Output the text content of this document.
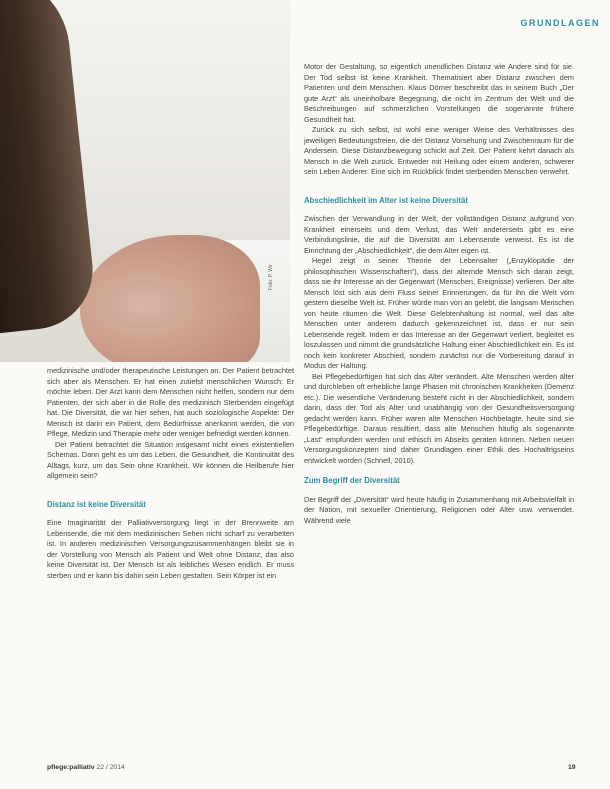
Foto: P. Wir
GRUNDLAGEN

Motor der Gestaltung, so eigentlich unendlichen Distanz wie Andere sind für sie. Der Tod selbst ist keine Krankheit. Thematisiert aber Distanz zwischen dem Patienten und dem Menschen. Klaus Dörner beschreibt das in seinem Buch „Der gute Arzt“ als uneinholbare Begegnung, die nicht im Zentrum der Welt und die Beschreibungen auf schmerzlichen Vorstellungen die sogenannte frühere Gesundheit hat.

Zurück zu sich selbst, ist wohl eine weniger Weise des Verhältnisses des jeweiligen Bedeutungsfreien, die der Distanz Vorsehung und Zwischenraum für die Andersein. Diese Distanzbewegung schickt auf Zeit. Der Patient kehrt danach als Mensch in die Welt zurück. Entweder mit Heilung oder einem anderen, schwerer sein Leben Anderer. Eine sich im Rückblick findet sterbenden Menschen verwehrt.

Abschiedlichkeit im Alter ist keine Diversität

Zwischen der Verwandlung in der Welt, der vollständigen Distanz aufgrund von Krankheit einerseits und dem Verlust, das Welt andererseits gibt es eine Verbindungslinie, die auf die Diversität am Lebensende verweist. Es ist die Einrichtung der „Abschiedlichkeit“, die dem Alter eigen ist.

Hegel zeigt in seiner Theorie der Lebensalter („Enzyklopädie der philosophischen Wissenschaften“), dass der alternde Mensch sich daran zeigt, dass sie ihr Interesse an der Gegenwart (Menschen, Ereignisse) verlieren. Der alte Mensch löst sich aus dem Fluss seiner Erinnerungen, da für ihn die Welt vom gestern dieselbe Welt ist. Früher würde man von an gelebt, die langsam Menschen von heute räumen die Welt. Diese Gelebtenhaltung ist normal, weil das alte Menschen unter anderem dadurch gekennzeichnet ist, dass er nur sein Lebensende regelt. Indem er das Interesse an der Gegenwart verliert, begleitet es loszulassen und nimmt die grundsätzliche Haltung einer Abschiedlichkeit ein. Es ist noch kein konkreter Abschied, sondern zunächst nur die Vorbereitung darauf in Modus der Haltung.

Bei Pflegebedürftigen hat sich das Alter verändert. Alte Menschen werden älter und durchleben oft erhebliche lange Phasen mit chronischen Krankheiten (Demenz etc.). Die wesentliche Veränderung besteht nicht in der Abschiedlichkeit, sondern darin, dass der Tod als Alter und unabhängig von der Gesundheitsversorgung gedacht werden kann. Früher waren alte Menschen Hochbetagte, heute sind sie Pflegebedürftige. Daraus resultiert, dass alte Menschen häufig als sogenannte „Last“ empfunden werden und ethisch im Abseits geraten können. Neben neuen Versorgungskonzepten sind daher Grundlagen einer Ethik des Hochaltrigseins entwickelt worden (Schnell, 2010).

Zum Begriff der Diversität

Der Begriff der „Diversität“ wird heute häufig in Zusammenhang mit Arbeitsvielfalt in der Nation, mit sexueller Orientierung, Religionen oder Alter usw. verwendet. Während viele

medizinische und/oder therapeutische Leistungen an. Der Patient betrachtet sich aber als Menschen. Er hat einen zutiefst menschlichen Wunsch: Er möchte leben. Der Arzt kann dem Menschen nicht helfen, sondern nur dem Patienten, der sich aber in die Rolle des medizinisch Sterbenden eingefügt hat. Die Diversität, die wir hier sehen, hat auch soziologische Aspekte: Der Mensch ist darin ein Patient, dem Bedürfnisse anerkannt werden, die von Pflege, Medizin und Therapie mehr oder weniger befriedigt werden können.

Der Patient betrachtet die Situation insgesamt nicht eines existentiellen Schemas. Dann geht es um das Leben, die Gesundheit, die Kontinuität des Alltags, kurz, um das Sein ohne Krankheit. Wir können die Heilberufe hier allgemein sein?

Distanz ist keine Diversität

Eine Imaginarität der Palliativversorgung liegt in der Brennweite am Lebensende, die mit dem medizinischen Sehen nicht scharf zu verarbeiten ist. In anderen medizinischen Versorgungszusammenhängen bleibt sie in der Vorstellung von Mensch als Patient und Welt ohne Distanz, das also keine Diversität ist. Der Mensch ist als leibliches Wesen endlich. Er muss sterben und er kann bis dahin sein Leben gestalten. Sein Körper ist ein

pflege:palliativ 22 / 2014	19
